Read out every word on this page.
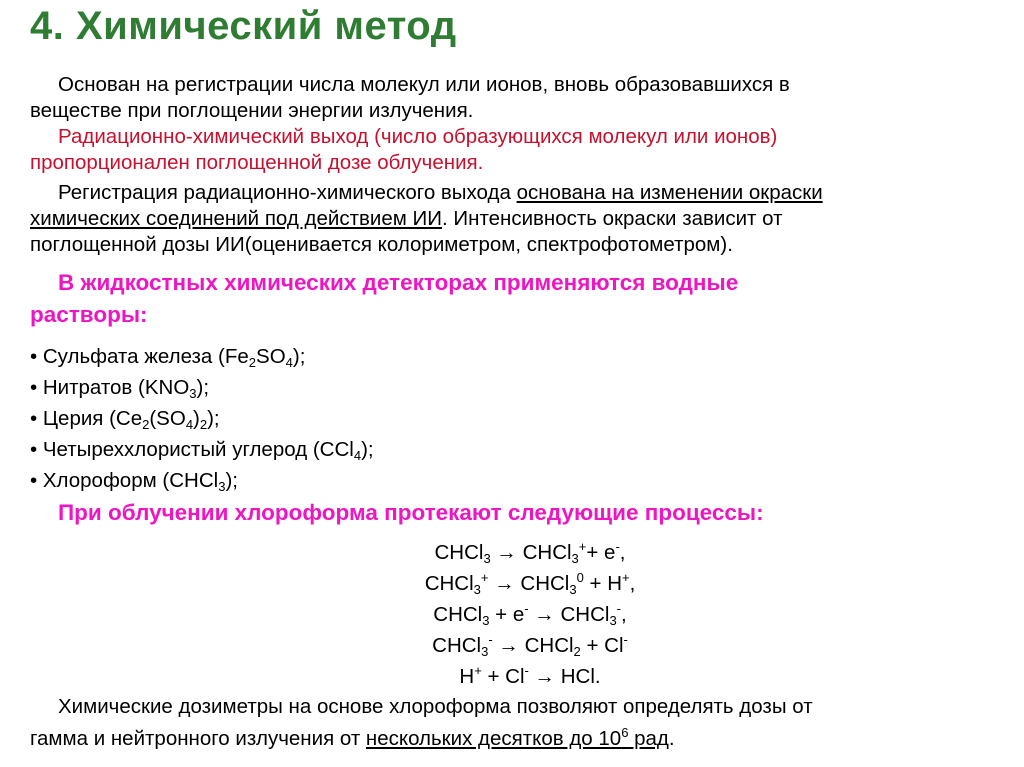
4. Химический метод

Основан на регистрации числа молекул или ионов, вновь образовавшихся в

веществе при поглощении энергии излучения.

Радиационно-химический выход (число образующихся молекул или ионов)

пропорционален поглощенной дозе облучения.

Регистрация радиационно-химического выхода основана на изменении окраски

химических соединений под действием ИИ. Интенсивность окраски зависит от

поглощенной дозы ИИ(оценивается колориметром, спектрофотометром).

В жидкостных химических детекторах применяются водные

растворы:

• Сульфата железа $(Fe_2SO_4)$;

• Нитратов $(KNO_3)$;

• Церия $(Ce_2(SO_4)_2)$;

• Четыреххлористый углерод (CCl$_4$);

• Хлороформ (CHCl$_3$);

При облучении хлороформа протекают следующие процессы:

CHCl$_3$ → CHCl$_3$++ e-,

CHCl$_3$+ → CHCl$_3^0$ + H+,

CHCl$_3$ + e- → CHCl$_3$-,

CHCl$_3$- → CHCl$_2$ + Cl-

H+ + Cl- → HCl.

Химические дозиметры на основе хлороформа позволяют определять дозы от

гамма и нейтронного излучения от нескольких десятков до $10^6$ рад.
